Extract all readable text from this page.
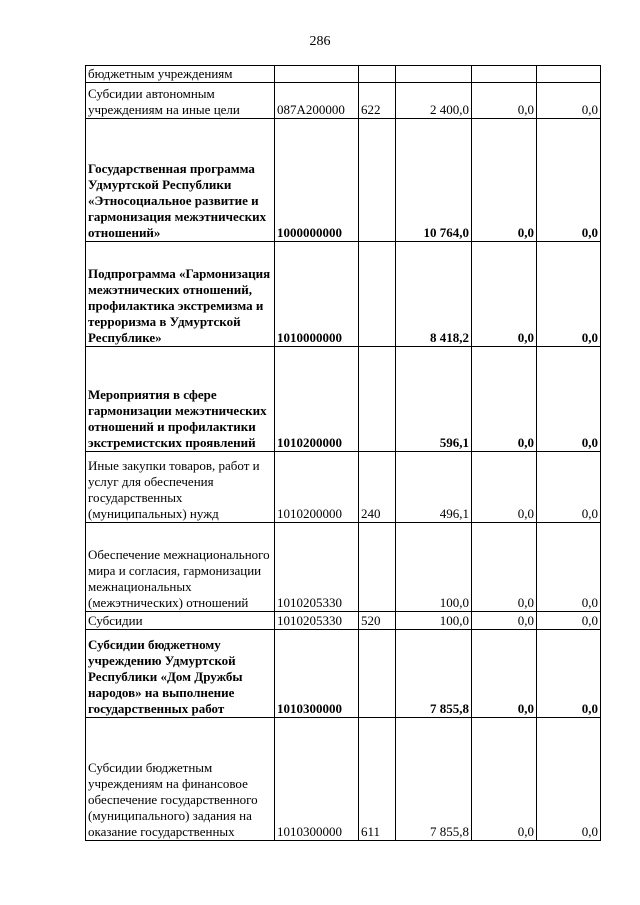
286
бюджетным учреждениям					
Субсидии автономным учреждениям на иные цели	087А200000	622	2 400,0	0,0	0,0
Государственная программа Удмуртской Республики «Этносоциальное развитие и гармонизация межэтнических отношений»	1000000000		10 764,0	0,0	0,0
Подпрограмма «Гармонизация межэтнических отношений, профилактика экстремизма и терроризма в Удмуртской Республике»	1010000000		8 418,2	0,0	0,0
Мероприятия в сфере гармонизации межэтнических отношений и профилактики экстремистских проявлений	1010200000		596,1	0,0	0,0
Иные закупки товаров, работ и услуг для обеспечения государственных (муниципальных) нужд	1010200000	240	496,1	0,0	0,0
Обеспечение межнационального мира и согласия, гармонизации межнациональных (межэтнических) отношений	1010205330		100,0	0,0	0,0
Субсидии	1010205330	520	100,0	0,0	0,0
Субсидии бюджетному учреждению Удмуртской Республики «Дом Дружбы народов» на выполнение государственных работ	1010300000		7 855,8	0,0	0,0
Субсидии бюджетным учреждениям на финансовое обеспечение государственного (муниципального) задания на оказание государственных	1010300000	611	7 855,8	0,0	0,0
